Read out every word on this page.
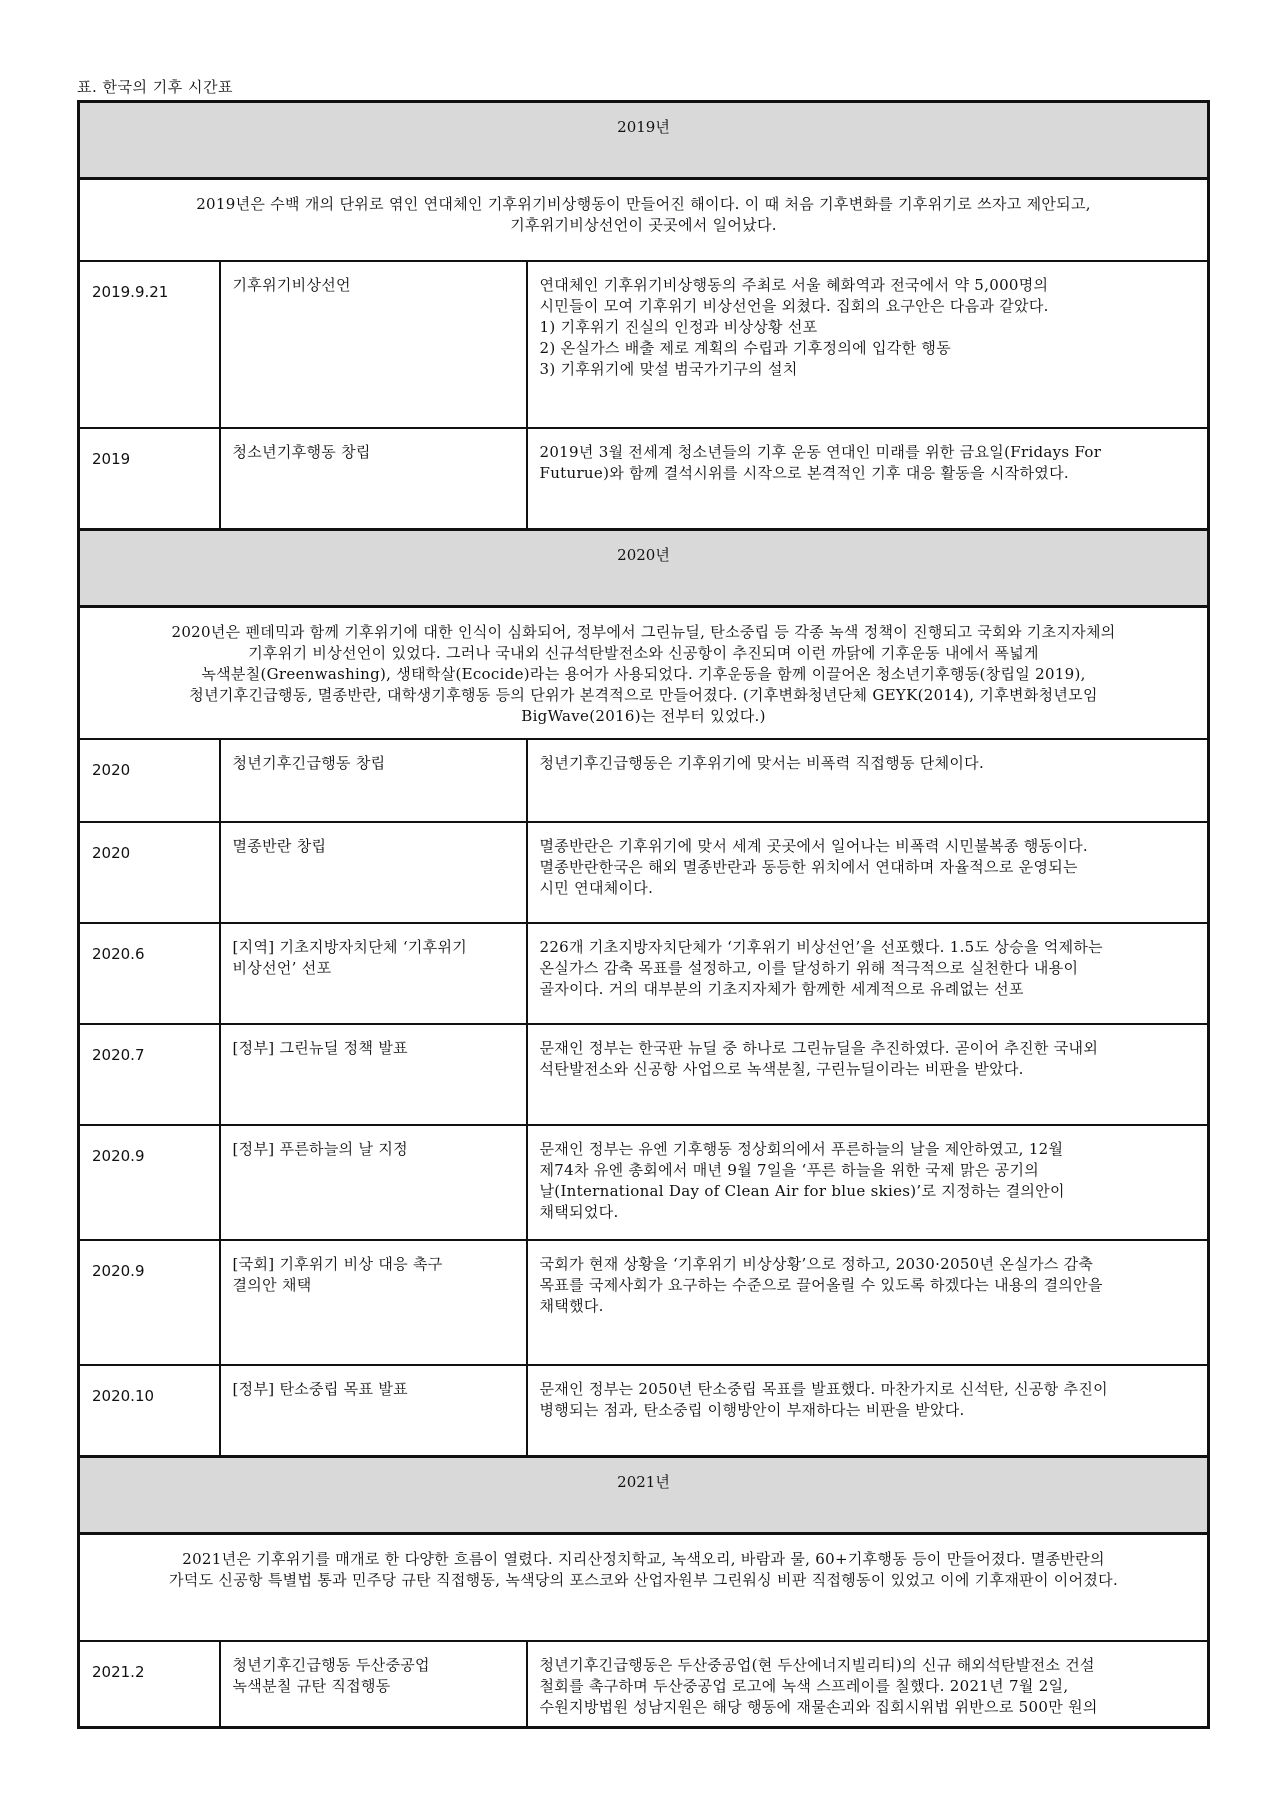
표. 한국의 기후 시간표
2019년		

2019년은 수백 개의 단위로 엮인 연대체인 기후위기비상행동이 만들어진 해이다. 이 때 처음 기후변화를 기후위기로 쓰자고 제안되고,
기후위기비상선언이 곳곳에서 일어났다.		

2019.9.21	기후위기비상선언	연대체인 기후위기비상행동의 주최로 서울 혜화역과 전국에서 약 5,000명의
시민들이 모여 기후위기 비상선언을 외쳤다. 집회의 요구안은 다음과 같았다.
1) 기후위기 진실의 인정과 비상상황 선포
2) 온실가스 배출 제로 계획의 수립과 기후정의에 입각한 행동
3) 기후위기에 맞설 범국가기구의 설치

2019	청소년기후행동 창립	2019년 3월 전세계 청소년들의 기후 운동 연대인 미래를 위한 금요일(Fridays For
Futurue)와 함께 결석시위를 시작으로 본격적인 기후 대응 활동을 시작하였다.

2020년		

2020년은 펜데믹과 함께 기후위기에 대한 인식이 심화되어, 정부에서 그린뉴딜, 탄소중립 등 각종 녹색 정책이 진행되고 국회와 기초지자체의
기후위기 비상선언이 있었다. 그러나 국내외 신규석탄발전소와 신공항이 추진되며 이런 까닭에 기후운동 내에서 폭넓게
녹색분칠(Greenwashing), 생태학살(Ecocide)라는 용어가 사용되었다. 기후운동을 함께 이끌어온 청소년기후행동(창립일 2019),
청년기후긴급행동, 멸종반란, 대학생기후행동 등의 단위가 본격적으로 만들어졌다. (기후변화청년단체 GEYK(2014), 기후변화청년모임
BigWave(2016)는 전부터 있었다.)		

2020	청년기후긴급행동 창립	청년기후긴급행동은 기후위기에 맞서는 비폭력 직접행동 단체이다.

2020	멸종반란 창립	멸종반란은 기후위기에 맞서 세계 곳곳에서 일어나는 비폭력 시민불복종 행동이다.
멸종반란한국은 해외 멸종반란과 동등한 위치에서 연대하며 자율적으로 운영되는
시민 연대체이다.

2020.6	[지역] 기초지방자치단체 ‘기후위기
비상선언’ 선포	226개 기초지방자치단체가 ‘기후위기 비상선언’을 선포했다. 1.5도 상승을 억제하는
온실가스 감축 목표를 설정하고, 이를 달성하기 위해 적극적으로 실천한다 내용이
골자이다. 거의 대부분의 기초지자체가 함께한 세계적으로 유례없는 선포

2020.7	[정부] 그린뉴딜 정책 발표	문재인 정부는 한국판 뉴딜 중 하나로 그린뉴딜을 추진하였다. 곧이어 추진한 국내외
석탄발전소와 신공항 사업으로 녹색분칠, 구린뉴딜이라는 비판을 받았다.

2020.9	[정부] 푸른하늘의 날 지정	문재인 정부는 유엔 기후행동 정상회의에서 푸른하늘의 날을 제안하였고, 12월
제74차 유엔 총회에서 매년 9월 7일을 ‘푸른 하늘을 위한 국제 맑은 공기의
날(International Day of Clean Air for blue skies)’로 지정하는 결의안이
채택되었다.

2020.9	[국회] 기후위기 비상 대응 촉구
결의안 채택	국회가 현재 상황을 ‘기후위기 비상상황’으로 정하고, 2030·2050년 온실가스 감축
목표를 국제사회가 요구하는 수준으로 끌어올릴 수 있도록 하겠다는 내용의 결의안을
채택했다.

2020.10	[정부] 탄소중립 목표 발표	문재인 정부는 2050년 탄소중립 목표를 발표했다. 마찬가지로 신석탄, 신공항 추진이
병행되는 점과, 탄소중립 이행방안이 부재하다는 비판을 받았다.

2021년		

2021년은 기후위기를 매개로 한 다양한 흐름이 열렸다. 지리산정치학교, 녹색오리, 바람과 물, 60+기후행동 등이 만들어졌다. 멸종반란의
가덕도 신공항 특별법 통과 민주당 규탄 직접행동, 녹색당의 포스코와 산업자원부 그린워싱 비판 직접헹동이 있었고 이에 기후재판이 이어졌다.		

2021.2	청년기후긴급행동 두산중공업
녹색분칠 규탄 직접행동	청년기후긴급행동은 두산중공업(현 두산에너지빌리티)의 신규 해외석탄발전소 건설
철회를 촉구하며 두산중공업 로고에 녹색 스프레이를 칠했다. 2021년 7월 2일,
수원지방법원 성남지원은 해당 행동에 재물손괴와 집회시위법 위반으로 500만 원의
